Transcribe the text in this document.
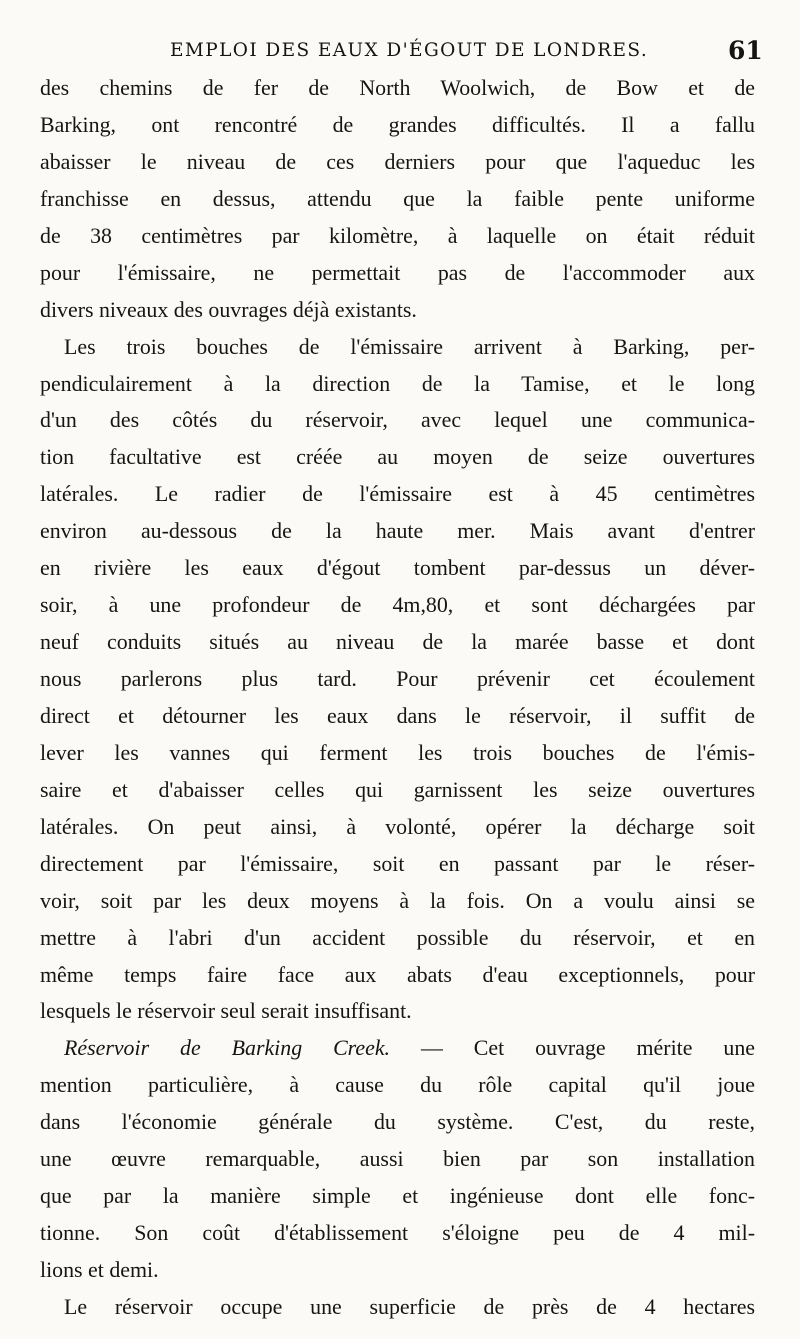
EMPLOI DES EAUX D'ÉGOUT DE LONDRES.	61
des chemins de fer de North Woolwich, de Bow et de
Barking, ont rencontré de grandes difficultés. Il a fallu
abaisser le niveau de ces derniers pour que l'aqueduc les
franchisse en dessus, attendu que la faible pente uniforme
de 38 centimètres par kilomètre, à laquelle on était réduit
pour l'émissaire, ne permettait pas de l'accommoder aux
divers niveaux des ouvrages déjà existants.
Les trois bouches de l'émissaire arrivent à Barking, per-
pendiculairement à la direction de la Tamise, et le long
d'un des côtés du réservoir, avec lequel une communica-
tion facultative est créée au moyen de seize ouvertures
latérales. Le radier de l'émissaire est à 45 centimètres
environ au-dessous de la haute mer. Mais avant d'entrer
en rivière les eaux d'égout tombent par-dessus un déver-
soir, à une profondeur de 4m,80, et sont déchargées par
neuf conduits situés au niveau de la marée basse et dont
nous parlerons plus tard. Pour prévenir cet écoulement
direct et détourner les eaux dans le réservoir, il suffit de
lever les vannes qui ferment les trois bouches de l'émis-
saire et d'abaisser celles qui garnissent les seize ouvertures
latérales. On peut ainsi, à volonté, opérer la décharge soit
directement par l'émissaire, soit en passant par le réser-
voir, soit par les deux moyens à la fois. On a voulu ainsi se
mettre à l'abri d'un accident possible du réservoir, et en
même temps faire face aux abats d'eau exceptionnels, pour
lesquels le réservoir seul serait insuffisant.
Réservoir de Barking Creek. — Cet ouvrage mérite une
mention particulière, à cause du rôle capital qu'il joue
dans l'économie générale du système. C'est, du reste,
une œuvre remarquable, aussi bien par son installation
que par la manière simple et ingénieuse dont elle fonc-
tionne. Son coût d'établissement s'éloigne peu de 4 mil-
lions et demi.
Le réservoir occupe une superficie de près de 4 hectares
